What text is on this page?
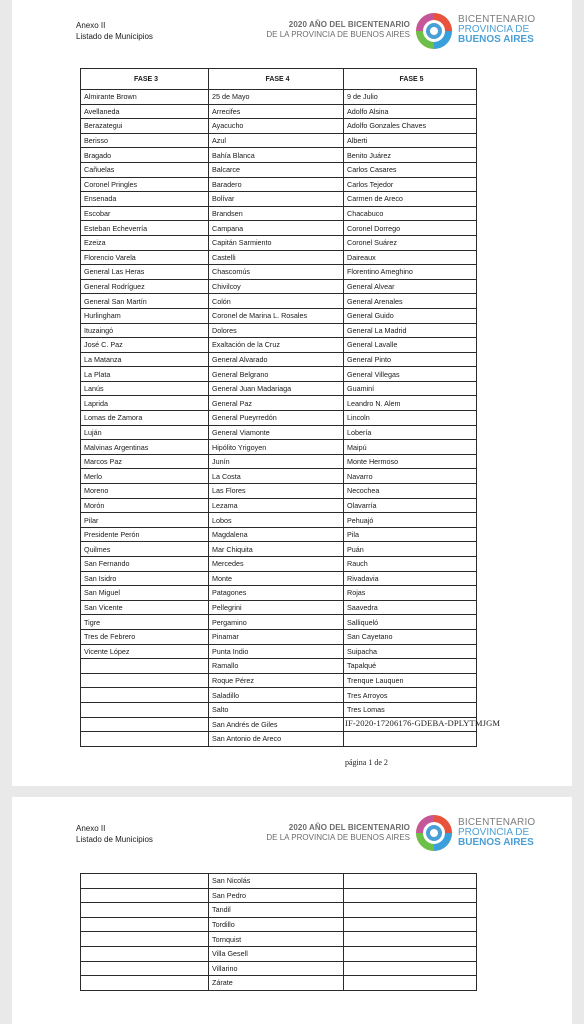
Anexo II
Listado de Municipios
2020 AÑO DEL BICENTENARIO
DE LA PROVINCIA DE BUENOS AIRES
BICENTENARIO
PROVINCIA DE
BUENOS AIRES
FASE 3	FASE 4	FASE 5
Almirante Brown	25 de Mayo	9 de Julio
Avellaneda	Arrecifes	Adolfo Alsina
Berazategui	Ayacucho	Adolfo Gonzales Chaves
Berisso	Azul	Alberti
Bragado	Bahía Blanca	Benito Juárez
Cañuelas	Balcarce	Carlos Casares
Coronel Pringles	Baradero	Carlos Tejedor
Ensenada	Bolívar	Carmen de Areco
Escobar	Brandsen	Chacabuco
Esteban Echeverría	Campana	Coronel Dorrego
Ezeiza	Capitán Sarmiento	Coronel Suárez
Florencio Varela	Castelli	Daireaux
General Las Heras	Chascomús	Florentino Ameghino
General Rodríguez	Chivilcoy	General Alvear
General San Martín	Colón	General Arenales
Hurlingham	Coronel de Marina L. Rosales	General Guido
Ituzaingó	Dolores	General La Madrid
José C. Paz	Exaltación de la Cruz	General Lavalle
La Matanza	General Alvarado	General Pinto
La Plata	General Belgrano	General Villegas
Lanús	General Juan Madariaga	Guaminí
Laprida	General Paz	Leandro N. Alem
Lomas de Zamora	General Pueyrredón	Lincoln
Luján	General Viamonte	Lobería
Malvinas Argentinas	Hipólito Yrigoyen	Maipú
Marcos Paz	Junín	Monte Hermoso
Merlo	La Costa	Navarro
Moreno	Las Flores	Necochea
Morón	Lezama	Olavarría
Pilar	Lobos	Pehuajó
Presidente Perón	Magdalena	Pila
Quilmes	Mar Chiquita	Puán
San Fernando	Mercedes	Rauch
San Isidro	Monte	Rivadavia
San Miguel	Patagones	Rojas
San Vicente	Pellegrini	Saavedra
Tigre	Pergamino	Salliqueló
Tres de Febrero	Pinamar	San Cayetano
Vicente López	Punta Indio	Suipacha
	Ramallo	Tapalqué
	Roque Pérez	Trenque Lauquen
	Saladillo	Tres Arroyos
	Salto	Tres Lomas
	San Andrés de Giles	
	San Antonio de Areco	
IF-2020-17206176-GDEBA-DPLYTMJGM
página 1 de 2
Anexo II
Listado de Municipios
2020 AÑO DEL BICENTENARIO
DE LA PROVINCIA DE BUENOS AIRES
BICENTENARIO
PROVINCIA DE
BUENOS AIRES
	San Nicolás	
	San Pedro	
	Tandil	
	Tordillo	
	Tornquist	
	Villa Gesell	
	Villarino	
	Zárate	
